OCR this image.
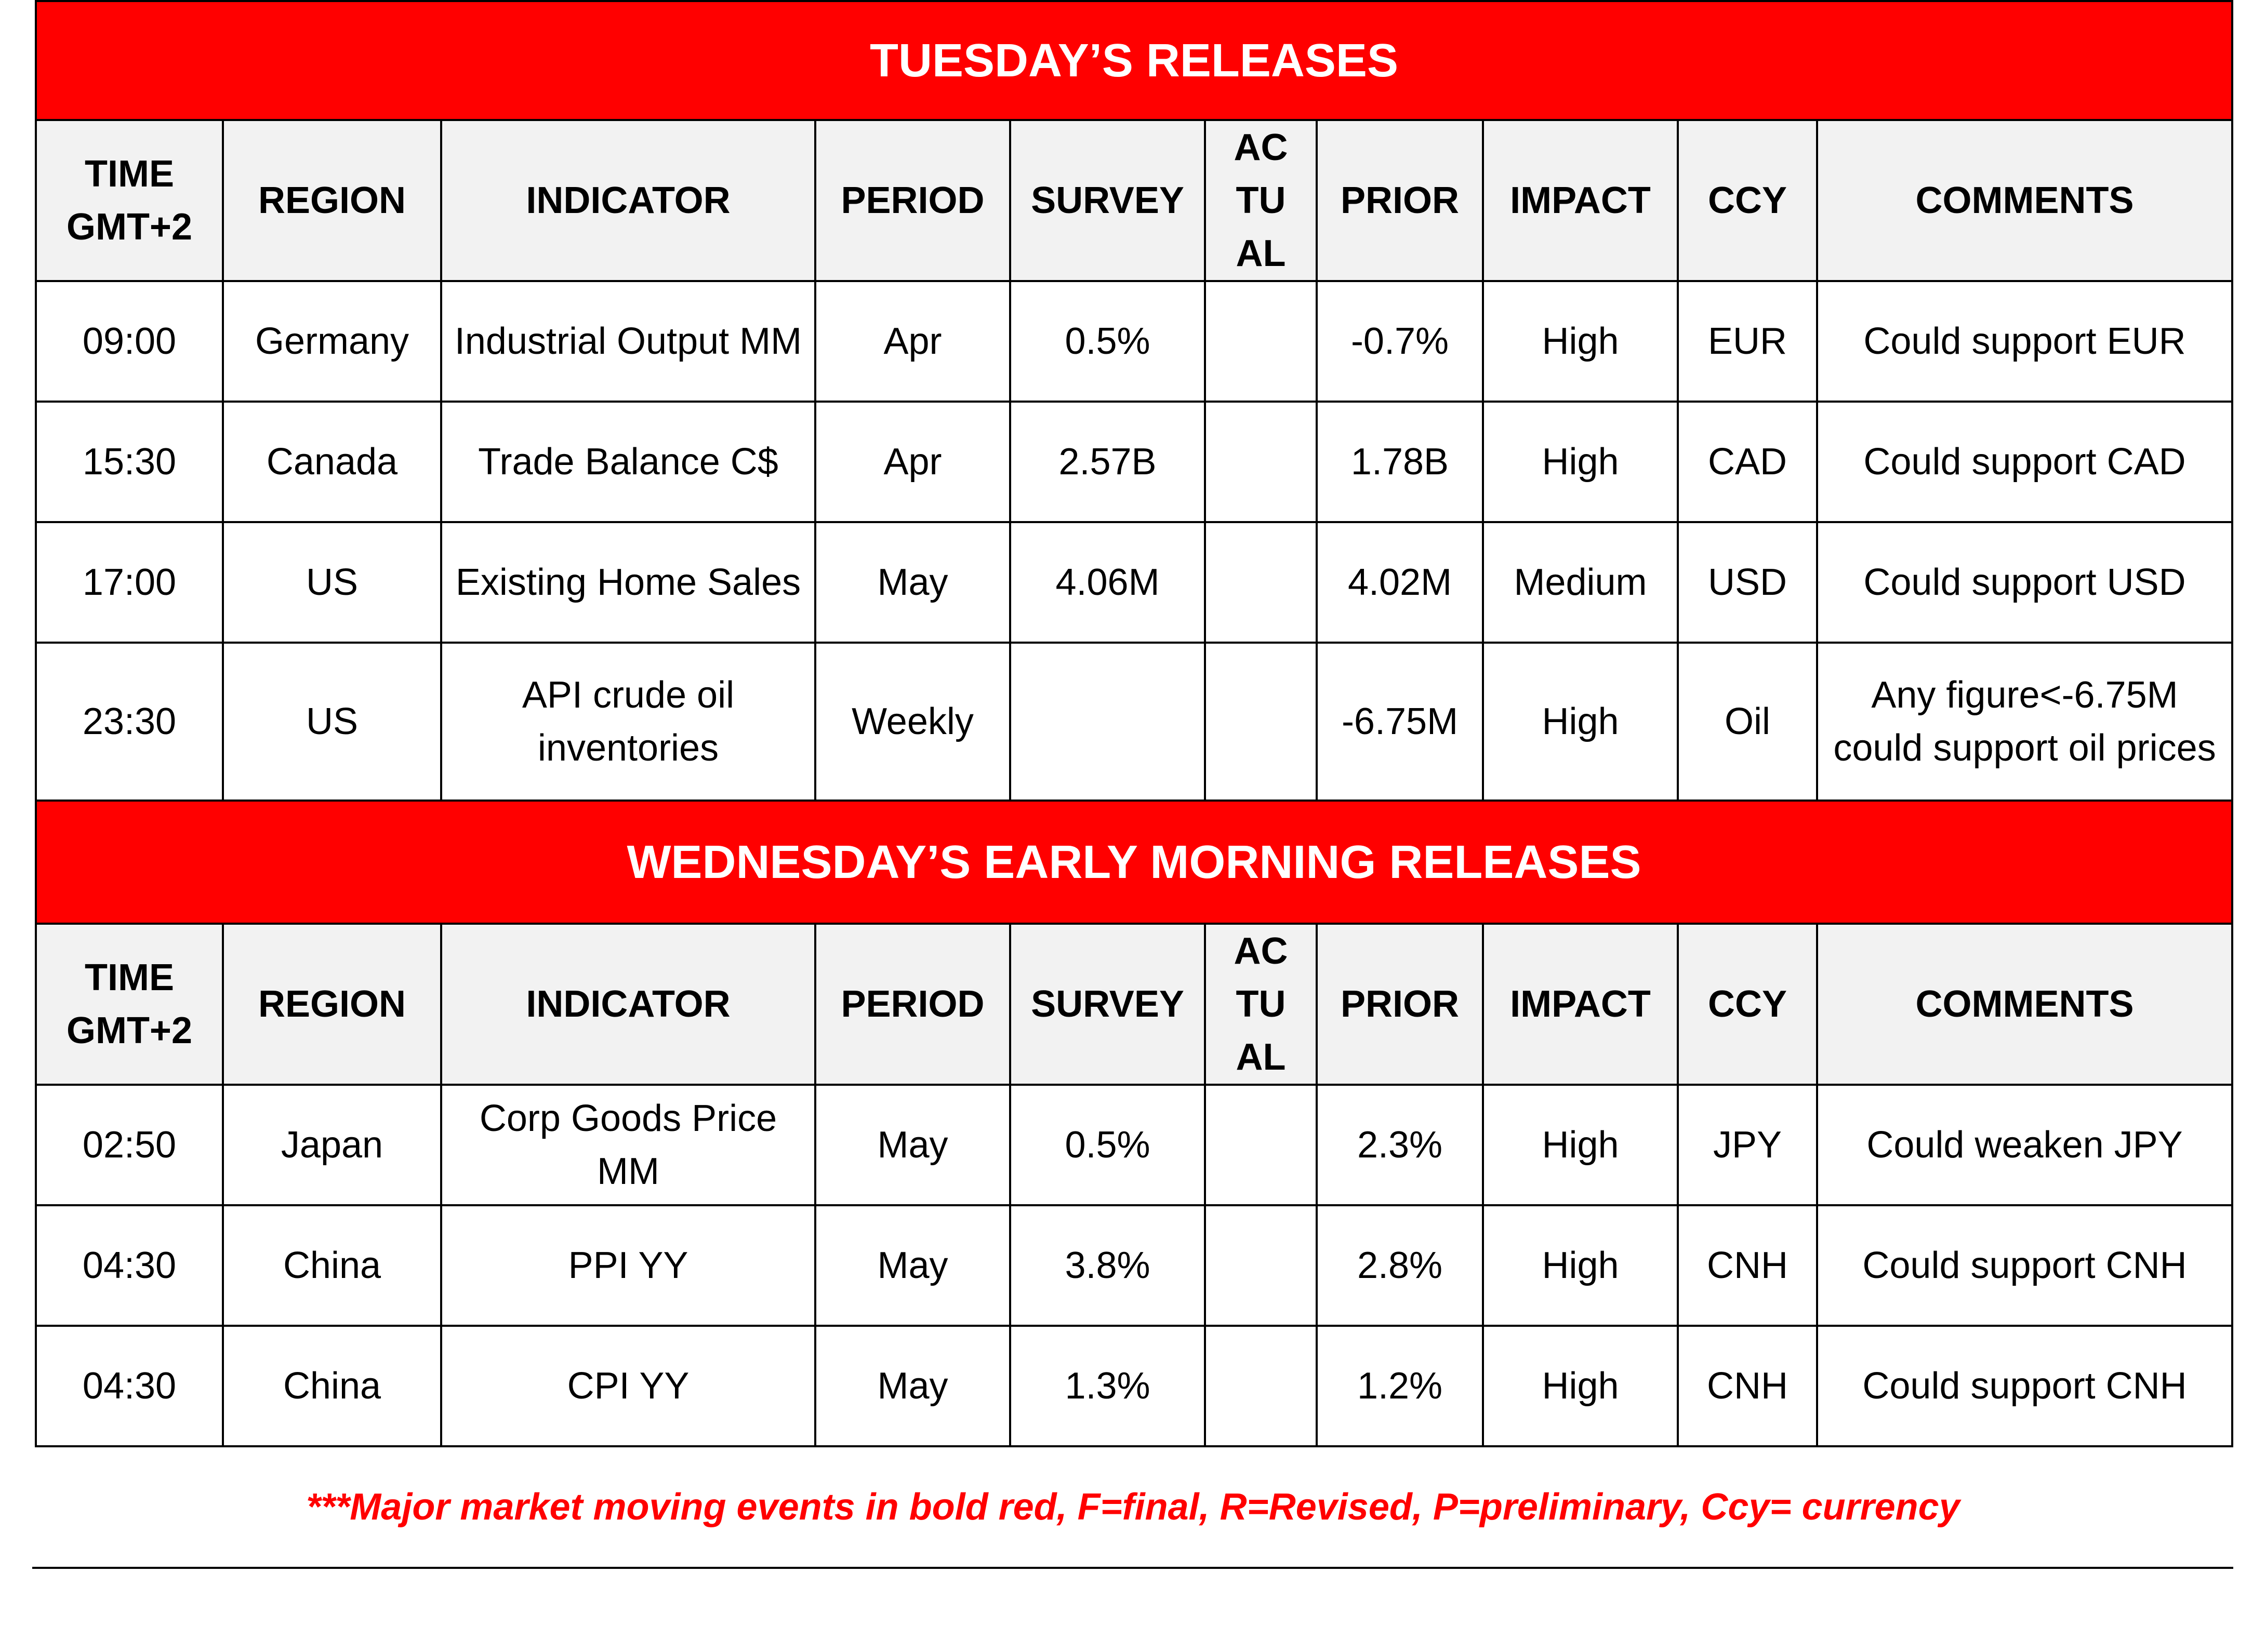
TUESDAY’S RELEASES									
TIME GMT+2	REGION	INDICATOR	PERIOD	SURVEY	AC TU AL	PRIOR	IMPACT	CCY	COMMENTS
09:00	Germany	Industrial Output MM	Apr	0.5%		-0.7%	High	EUR	Could support EUR
15:30	Canada	Trade Balance C$	Apr	2.57B		1.78B	High	CAD	Could support CAD
17:00	US	Existing Home Sales	May	4.06M		4.02M	Medium	USD	Could support USD
23:30	US	API crude oil inventories	Weekly			-6.75M	High	Oil	Any figure<-6.75M could support oil prices
WEDNESDAY’S EARLY MORNING RELEASES									
TIME GMT+2	REGION	INDICATOR	PERIOD	SURVEY	AC TU AL	PRIOR	IMPACT	CCY	COMMENTS
02:50	Japan	Corp Goods Price MM	May	0.5%		2.3%	High	JPY	Could weaken JPY
04:30	China	PPI YY	May	3.8%		2.8%	High	CNH	Could support CNH
04:30	China	CPI YY	May	1.3%		1.2%	High	CNH	Could support CNH
***Major market moving events in bold red, F=final, R=Revised, P=preliminary, Ccy= currency
